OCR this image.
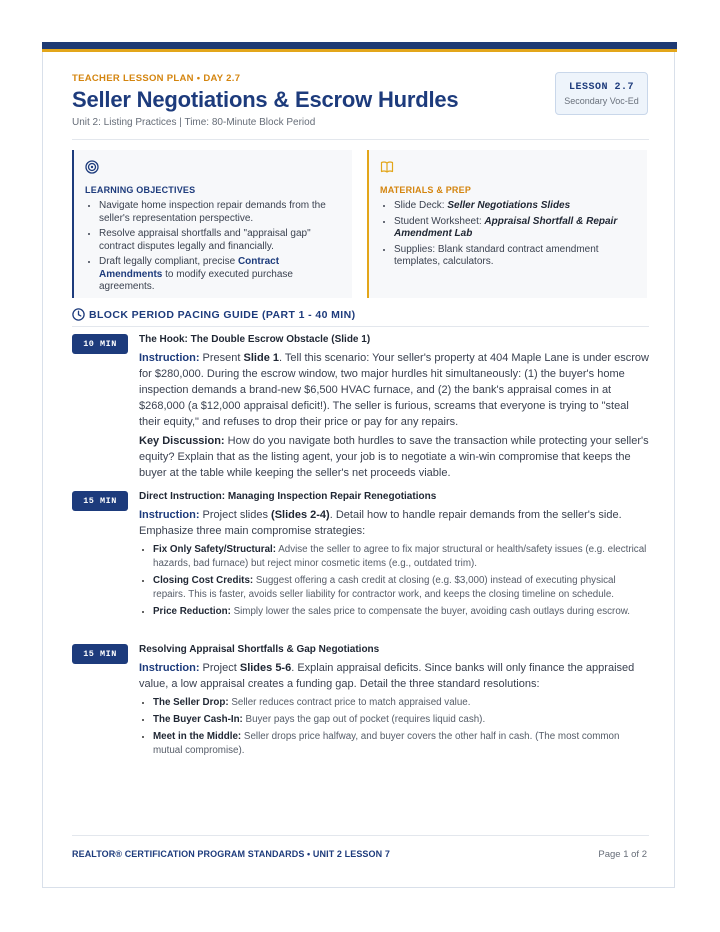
TEACHER LESSON PLAN • DAY 2.7
Seller Negotiations & Escrow Hurdles
Unit 2: Listing Practices | Time: 80-Minute Block Period
LESSON 2.7
Secondary Voc-Ed
LEARNING OBJECTIVES
• Navigate home inspection repair demands from the seller's representation perspective.
• Resolve appraisal shortfalls and "appraisal gap" contract disputes legally and financially.
• Draft legally compliant, precise Contract Amendments to modify executed purchase agreements.
MATERIALS & PREP
• Slide Deck: Seller Negotiations Slides
• Student Worksheet: Appraisal Shortfall & Repair Amendment Lab
• Supplies: Blank standard contract amendment templates, calculators.
BLOCK PERIOD PACING GUIDE (PART 1 - 40 MIN)
10 MIN	The Hook: The Double Escrow Obstacle (Slide 1)
Instruction: Present Slide 1. Tell this scenario: Your seller's property at 404 Maple Lane is under escrow for $280,000. During the escrow window, two major hurdles hit simultaneously: (1) the buyer's home inspection demands a brand-new $6,500 HVAC furnace, and (2) the bank's appraisal comes in at $268,000 (a $12,000 appraisal deficit!). The seller is furious, screams that everyone is trying to "steal their equity," and refuses to drop their price or pay for any repairs.
Key Discussion: How do you navigate both hurdles to save the transaction while protecting your seller's equity? Explain that as the listing agent, your job is to negotiate a win-win compromise that keeps the buyer at the table while keeping the seller's net proceeds viable.
15 MIN	Direct Instruction: Managing Inspection Repair Renegotiations
Instruction: Project slides (Slides 2-4). Detail how to handle repair demands from the seller's side. Emphasize three main compromise strategies:
• Fix Only Safety/Structural: Advise the seller to agree to fix major structural or health/safety issues (e.g. electrical hazards, bad furnace) but reject minor cosmetic items (e.g., outdated trim).
• Closing Cost Credits: Suggest offering a cash credit at closing (e.g. $3,000) instead of executing physical repairs. This is faster, avoids seller liability for contractor work, and keeps the closing timeline on schedule.
• Price Reduction: Simply lower the sales price to compensate the buyer, avoiding cash outlays during escrow.
15 MIN	Resolving Appraisal Shortfalls & Gap Negotiations
Instruction: Project Slides 5-6. Explain appraisal deficits. Since banks will only finance the appraised value, a low appraisal creates a funding gap. Detail the three standard resolutions:
• The Seller Drop: Seller reduces contract price to match appraised value.
• The Buyer Cash-In: Buyer pays the gap out of pocket (requires liquid cash).
• Meet in the Middle: Seller drops price halfway, and buyer covers the other half in cash. (The most common mutual compromise).
REALTOR® CERTIFICATION PROGRAM STANDARDS • UNIT 2 LESSON 7	Page 1 of 2
